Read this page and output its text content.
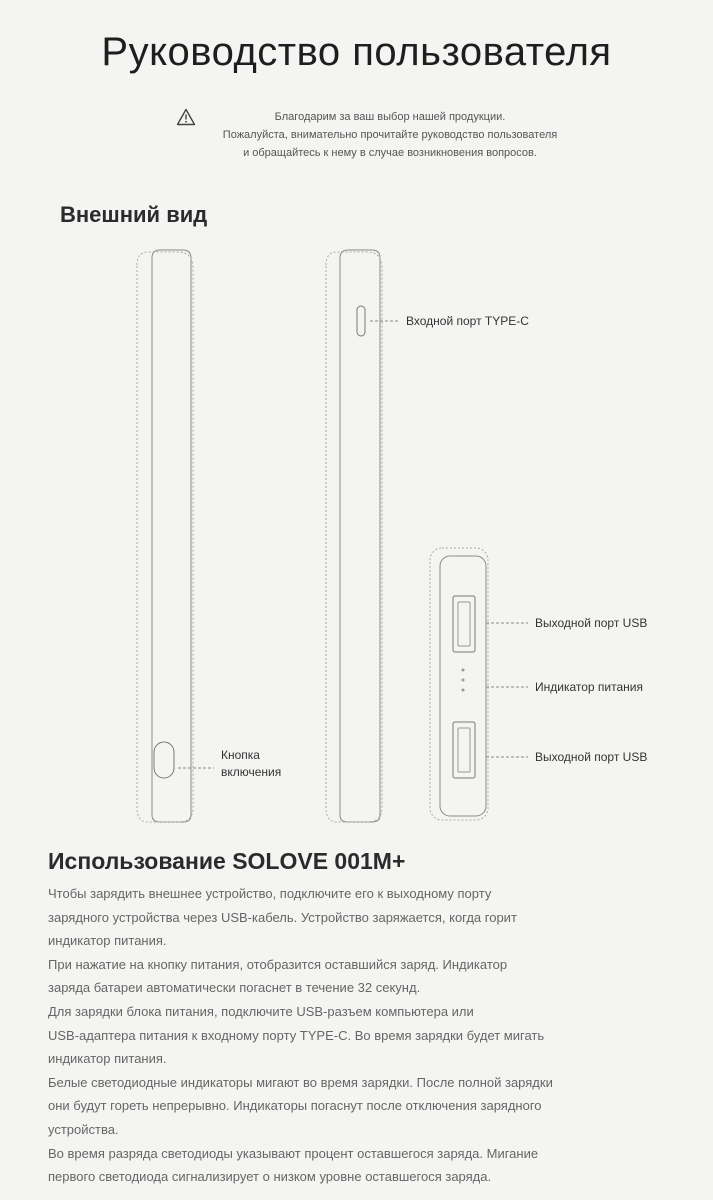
Руководство пользователя
Благодарим за ваш выбор нашей продукции.
Пожалуйста, внимательно прочитайте руководство пользователя
и обращайтесь к нему в случае возникновения вопросов.
Внешний вид
Входной порт TYPE-C
Кнопка
включения
Выходной порт USB
Индикатор питания
Выходной порт USB
Использование SOLOVE 001M+

Чтобы зарядить внешнее устройство, подключите его к выходному порту

зарядного устройства через USB-кабель. Устройство заряжается, когда горит

индикатор питания.

При нажатие на кнопку питания, отобразится оставшийся заряд. Индикатор

заряда батареи автоматически погаснет в течение 32 секунд.

Для зарядки блока питания, подключите USB-разъем компьютера или

USB-адаптера питания к входному порту TYPE-C. Во время зарядки будет мигать

индикатор питания.

Белые светодиодные индикаторы мигают во время зарядки. После полной зарядки

они будут гореть непрерывно. Индикаторы погаснут после отключения зарядного

устройства.

Во время разряда светодиоды указывают процент оставшегося заряда. Мигание

первого светодиода сигнализирует о низком уровне оставшегося заряда.
